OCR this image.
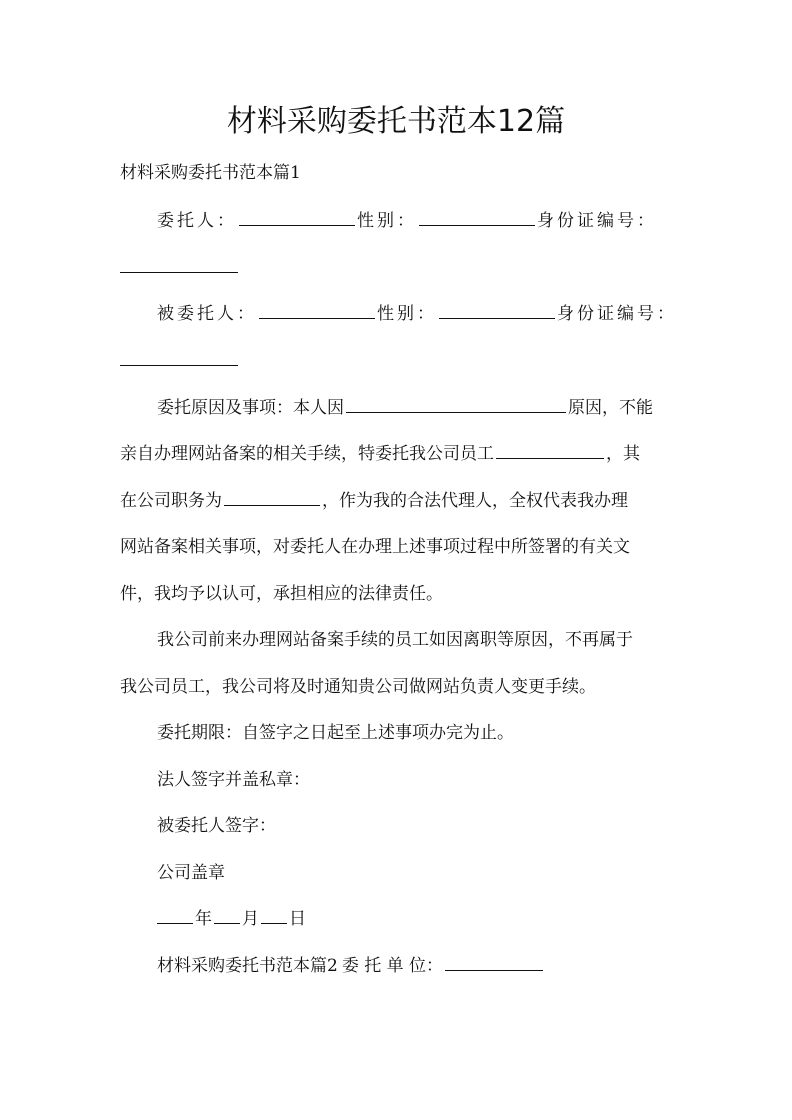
材料采购委托书范本12篇
材料采购委托书范本篇1
委托人：	性别：	身份证编号：
被委托人：	性别：	身份证编号：
委托原因及事项：本人因	原因，不能
亲自办理网站备案的相关手续，特委托我公司员工	，其
在公司职务为	，作为我的合法代理人，全权代表我办理
网站备案相关事项，对委托人在办理上述事项过程中所签署的有关文
件，我均予以认可，承担相应的法律责任。
我公司前来办理网站备案手续的员工如因离职等原因，不再属于
我公司员工，我公司将及时通知贵公司做网站负责人变更手续。
委托期限：自签字之日起至上述事项办完为止。
法人签字并盖私章：
被委托人签字：
公司盖章
年 月 日
材料采购委托书范本篇2 委 托 单 位：
